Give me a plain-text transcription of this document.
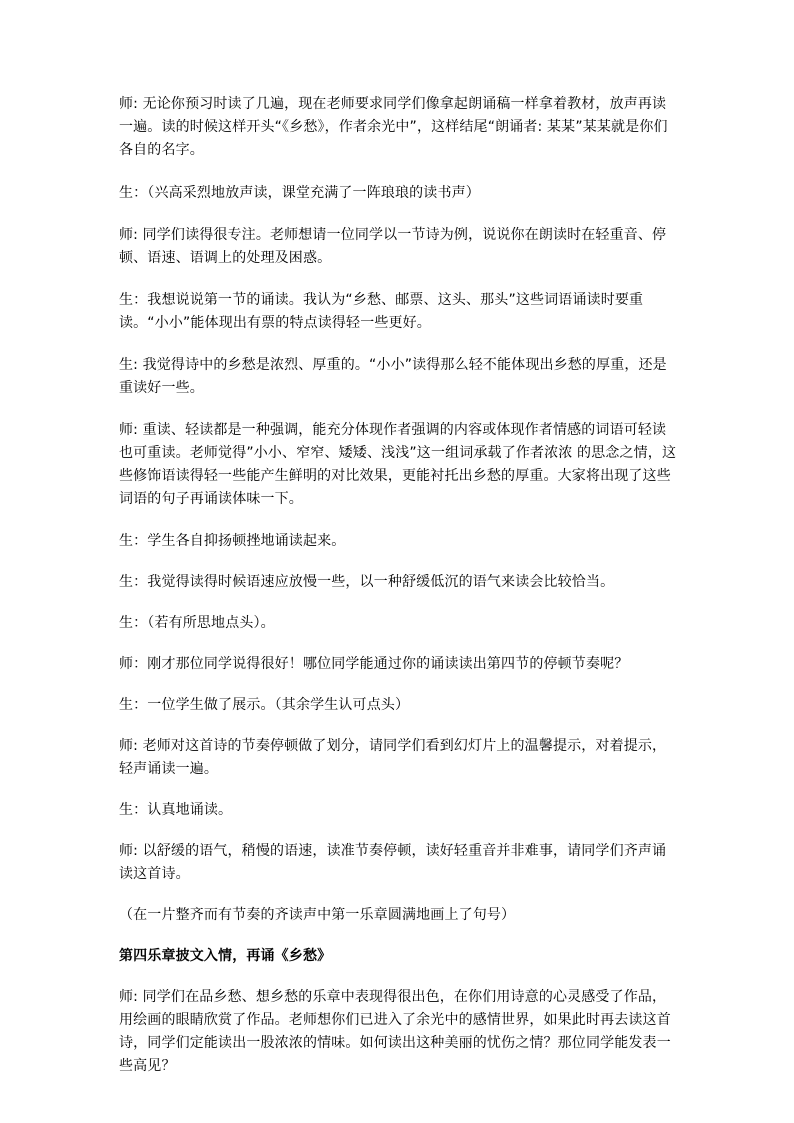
师: 无论你预习时读了几遍，现在老师要求同学们像拿起朗诵稿一样拿着教材，放声再读一遍。读的时候这样开头“《乡愁》，作者余光中”，这样结尾“朗诵者: 某某”某某就是你们各自的名字。

生：（兴高采烈地放声读，课堂充满了一阵琅琅的读书声）

师: 同学们读得很专注。老师想请一位同学以一节诗为例，说说你在朗读时在轻重音、停顿、语速、语调上的处理及困惑。

生：我想说说第一节的诵读。我认为“乡愁、邮票、这头、那头”这些词语诵读时要重读。“小小”能体现出有票的特点读得轻一些更好。

生: 我觉得诗中的乡愁是浓烈、厚重的。“小小”读得那么轻不能体现出乡愁的厚重，还是重读好一些。

师: 重读、轻读都是一种强调，能充分体现作者强调的内容或体现作者情感的词语可轻读也可重读。老师觉得”小小、窄窄、矮矮、浅浅”这一组词承载了作者浓浓 的思念之情，这些修饰语读得轻一些能产生鲜明的对比效果，更能衬托出乡愁的厚重。大家将出现了这些词语的句子再诵读体味一下。

生：学生各自抑扬顿挫地诵读起来。

生：我觉得读得时候语速应放慢一些，以一种舒缓低沉的语气来读会比较恰当。

生：（若有所思地点头）。

师：刚才那位同学说得很好！哪位同学能通过你的诵读读出第四节的停顿节奏呢？

生：一位学生做了展示。（其余学生认可点头）

师: 老师对这首诗的节奏停顿做了划分，请同学们看到幻灯片上的温馨提示，对着提示，轻声诵读一遍。

生：认真地诵读。

师: 以舒缓的语气，稍慢的语速，读准节奏停顿，读好轻重音并非难事，请同学们齐声诵读这首诗。

（在一片整齐而有节奏的齐读声中第一乐章圆满地画上了句号）

第四乐章披文入情，再诵《乡愁》

师: 同学们在品乡愁、想乡愁的乐章中表现得很出色，在你们用诗意的心灵感受了作品，用绘画的眼睛欣赏了作品。老师想你们已进入了余光中的感情世界，如果此时再去读这首诗，同学们定能读出一股浓浓的情味。如何读出这种美丽的忧伤之情？那位同学能发表一些高见？
